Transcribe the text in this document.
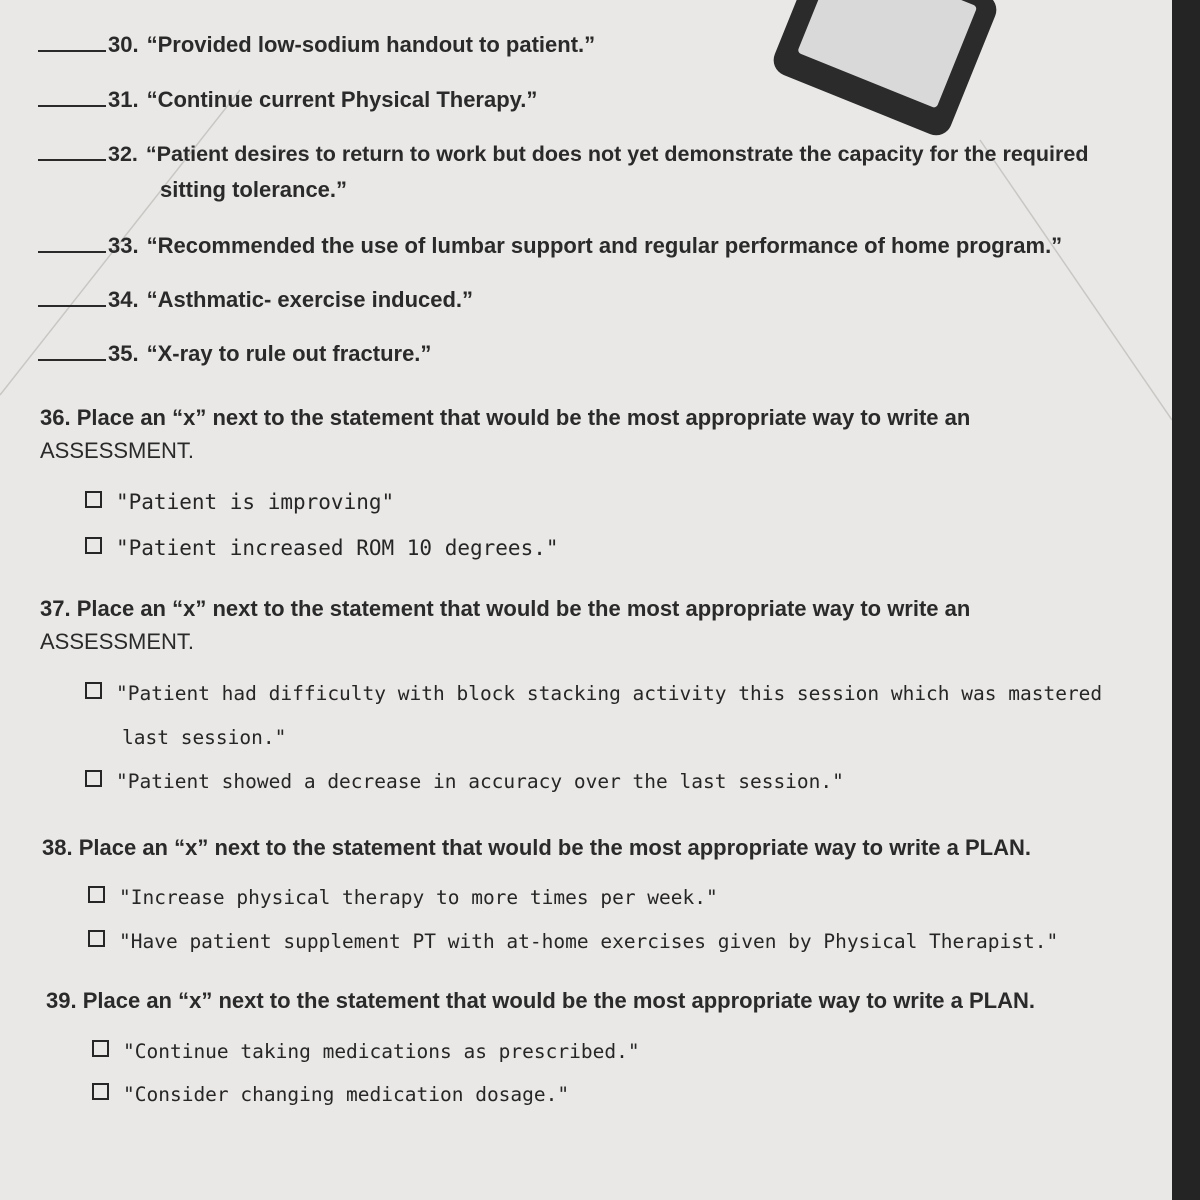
30. “Provided low-sodium handout to patient.”
31. “Continue current Physical Therapy.”
32. “Patient desires to return to work but does not yet demonstrate the capacity for the required
sitting tolerance.”
33. “Recommended the use of lumbar support and regular performance of home program.”
34. “Asthmatic- exercise induced.”
35. “X-ray to rule out fracture.”
36. Place an “x” next to the statement that would be the most appropriate way to write an
ASSESSMENT.
"Patient is improving"
"Patient increased ROM 10 degrees."
37. Place an “x” next to the statement that would be the most appropriate way to write an
ASSESSMENT.
"Patient had difficulty with block stacking activity this session which was mastered
last session."
"Patient showed a decrease in accuracy over the last session."
38. Place an “x” next to the statement that would be the most appropriate way to write a PLAN.
"Increase physical therapy to more times per week."
"Have patient supplement PT with at-home exercises given by Physical Therapist."
39. Place an “x” next to the statement that would be the most appropriate way to write a PLAN.
"Continue taking medications as prescribed."
"Consider changing medication dosage."
